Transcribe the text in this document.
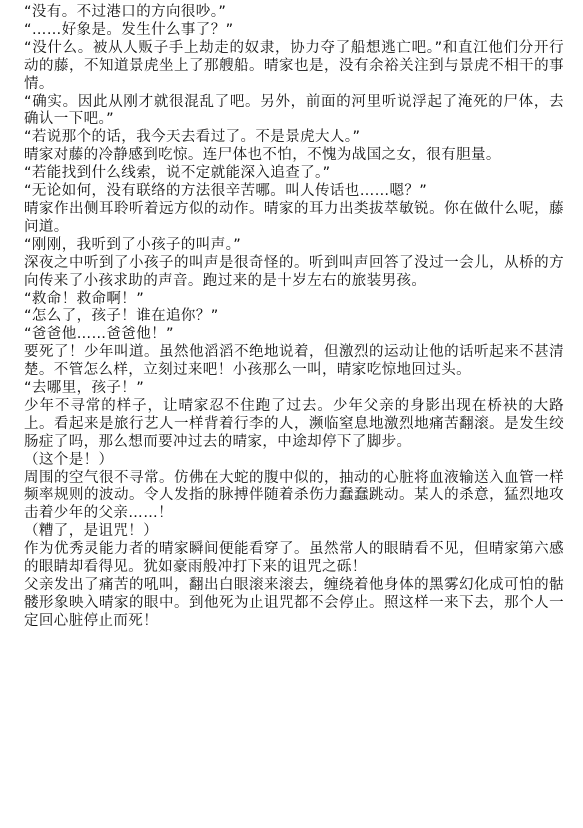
“没有。不过港口的方向很吵。”

“……好象是。发生什么事了？”

“没什么。被从人贩子手上劫走的奴隶，协力夺了船想逃亡吧。”和直江他们分开行动的藤，不知道景虎坐上了那艘船。晴家也是，没有余裕关注到与景虎不相干的事情。

“确实。因此从刚才就很混乱了吧。另外，前面的河里听说浮起了淹死的尸体，去确认一下吧。”

“若说那个的话，我今天去看过了。不是景虎大人。”

晴家对藤的冷静感到吃惊。连尸体也不怕，不愧为战国之女，很有胆量。

“若能找到什么线索，说不定就能深入追查了。”

“无论如何，没有联络的方法很辛苦哪。叫人传话也……嗯？”

晴家作出侧耳聆听着远方似的动作。晴家的耳力出类拔萃敏锐。你在做什么呢，藤问道。

“刚刚，我听到了小孩子的叫声。”

深夜之中听到了小孩子的叫声是很奇怪的。听到叫声回答了没过一会儿，从桥的方向传来了小孩求助的声音。跑过来的是十岁左右的旅装男孩。

“救命！救命啊！”

“怎么了，孩子！谁在追你？”

“爸爸他……爸爸他！”

要死了！少年叫道。虽然他滔滔不绝地说着，但激烈的运动让他的话听起来不甚清楚。不管怎么样，立刻过来吧！小孩那么一叫，晴家吃惊地回过头。

“去哪里，孩子！”

少年不寻常的样子，让晴家忍不住跑了过去。少年父亲的身影出现在桥袂的大路上。看起来是旅行艺人一样背着行李的人，濒临窒息地激烈地痛苦翻滚。是发生绞肠症了吗，那么想而要冲过去的晴家，中途却停下了脚步。

（这个是！）

周围的空气很不寻常。仿佛在大蛇的腹中似的，抽动的心脏将血液输送入血管一样频率规则的波动。令人发指的脉搏伴随着杀伤力蠢蠢跳动。某人的杀意，猛烈地攻击着少年的父亲……！

（糟了，是诅咒！）

作为优秀灵能力者的晴家瞬间便能看穿了。虽然常人的眼睛看不见，但晴家第六感的眼睛却看得见。犹如豪雨般冲打下来的诅咒之砾！

父亲发出了痛苦的吼叫，翻出白眼滚来滚去，缠绕着他身体的黑雾幻化成可怕的骷髅形象映入晴家的眼中。到他死为止诅咒都不会停止。照这样一来下去，那个人一定回心脏停止而死！
